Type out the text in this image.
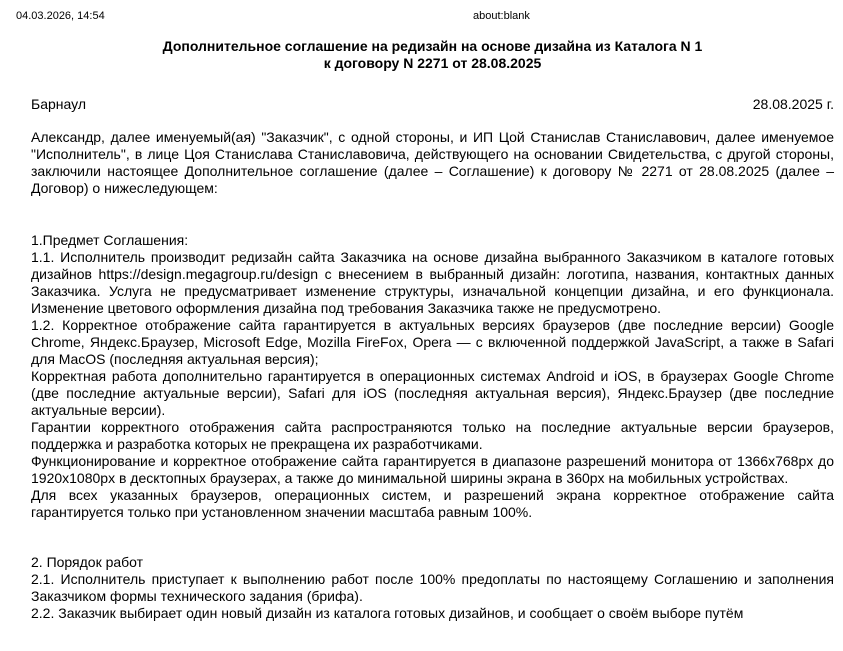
04.03.2026, 14:54	about:blank

Дополнительное соглашение на редизайн на основе дизайна из Каталога N 1

к договору N 2271 от 28.08.2025

Барнаул	28.08.2025 г.

Александр, далее именуемый(ая) "Заказчик", с одной стороны, и ИП Цой Станислав Станиславович, далее именуемое "Исполнитель", в лице Цоя Станислава Станиславовича, действующего на основании Свидетельства, с другой стороны, заключили настоящее Дополнительное соглашение (далее – Соглашение) к договору № 2271 от 28.08.2025 (далее – Договор) о нижеследующем:

1.Предмет Соглашения:

1.1. Исполнитель производит редизайн сайта Заказчика на основе дизайна выбранного Заказчиком в каталоге готовых дизайнов https://design.megagroup.ru/design с внесением в выбранный дизайн: логотипа, названия, контактных данных Заказчика. Услуга не предусматривает изменение структуры, изначальной концепции дизайна, и его функционала. Изменение цветового оформления дизайна под требования Заказчика также не предусмотрено.

1.2. Корректное отображение сайта гарантируется в актуальных версиях браузеров (две последние версии) Google Chrome, Яндекс.Браузер, Microsoft Edge, Mozilla FireFox, Opera — с включенной поддержкой JavaScript, а также в Safari для MacOS (последняя актуальная версия);

Корректная работа дополнительно гарантируется в операционных системах Android и iOS, в браузерах Google Chrome (две последние актуальные версии), Safari для iOS (последняя актуальная версия), Яндекс.Браузер (две последние актуальные версии).

Гарантии корректного отображения сайта распространяются только на последние актуальные версии браузеров, поддержка и разработка которых не прекращена их разработчиками.

Функционирование и корректное отображение сайта гарантируется в диапазоне разрешений монитора от 1366x768px до 1920x1080px в десктопных браузерах, а также до минимальной ширины экрана в 360px на мобильных устройствах.

Для всех указанных браузеров, операционных систем, и разрешений экрана корректное отображение сайта гарантируется только при установленном значении масштаба равным 100%.

2. Порядок работ

2.1. Исполнитель приступает к выполнению работ после 100% предоплаты по настоящему Соглашению и заполнения Заказчиком формы технического задания (брифа).

2.2. Заказчик выбирает один новый дизайн из каталога готовых дизайнов, и сообщает о своём выборе путём
